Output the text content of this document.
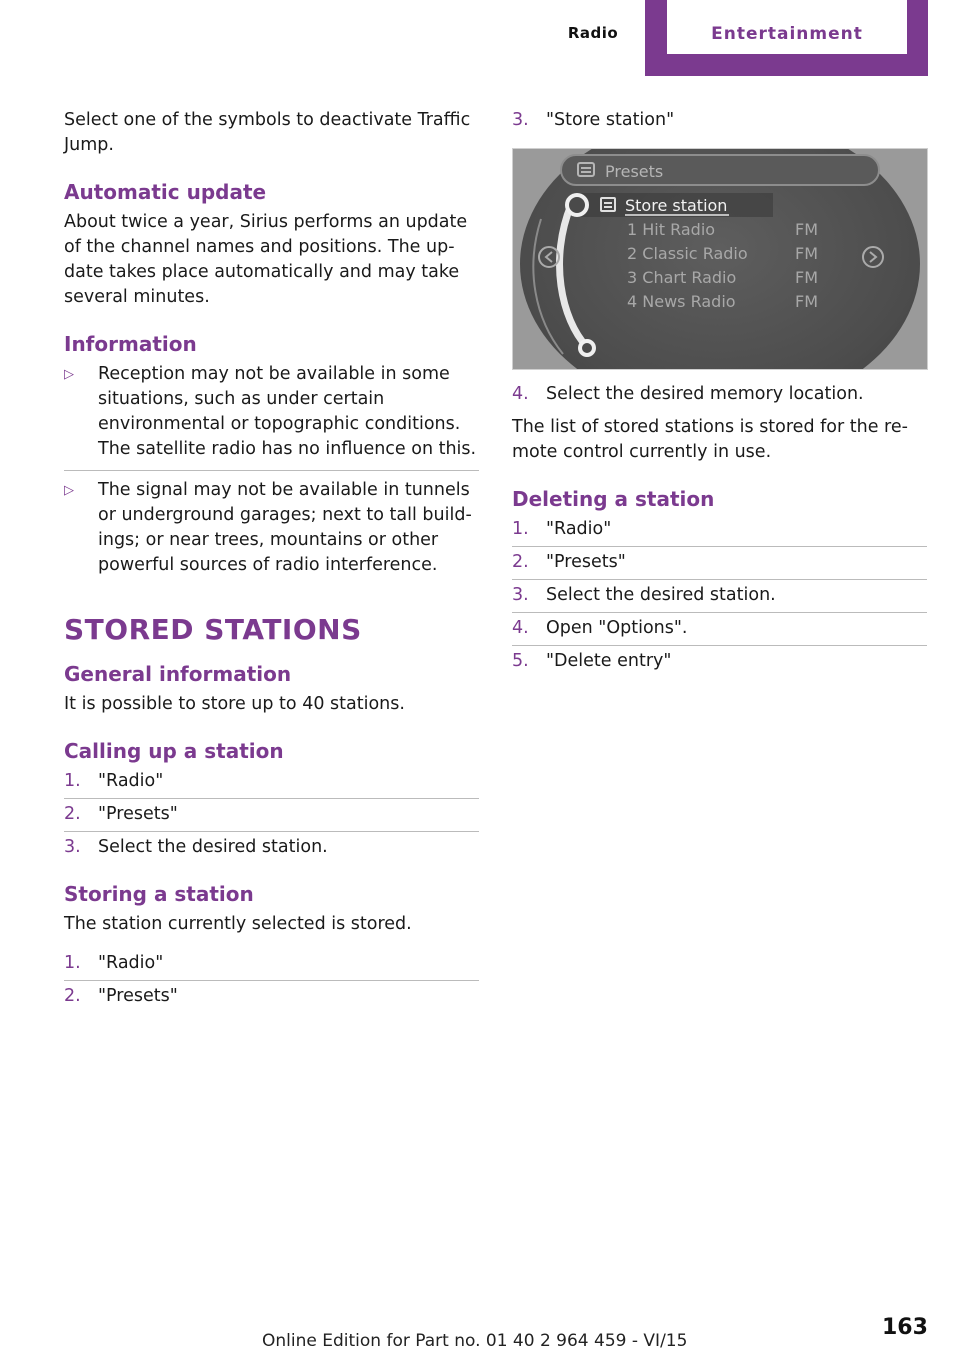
Radio	Entertainment

Select one of the symbols to deactivate Traffic Jump.

Automatic update

About twice a year, Sirius performs an update of the channel names and positions. The update takes place automatically and may take several minutes.

Information
▷ Reception may not be available in some situations, such as under certain environmental or topographic conditions. The satellite radio has no influence on this.
▷ The signal may not be available in tunnels or underground garages; next to tall buildings; or near trees, mountains or other powerful sources of radio interference.
STORED STATIONS
General information

It is possible to store up to 40 stations.

Calling up a station
1. "Radio"
2. "Presets"
3. Select the desired station.
Storing a station

The station currently selected is stored.

1. "Radio"
2. "Presets"
3. "Store station"
Presets
Store station
1 Hit Radio	FM
2 Classic Radio	FM
3 Chart Radio	FM
4 News Radio	FM
4. Select the desired memory location.

The list of stored stations is stored for the remote control currently in use.

Deleting a station
1. "Radio"
2. "Presets"
3. Select the desired station.
4. Open "Options".
5. "Delete entry"
Online Edition for Part no. 01 40 2 964 459 - VI/15
163
